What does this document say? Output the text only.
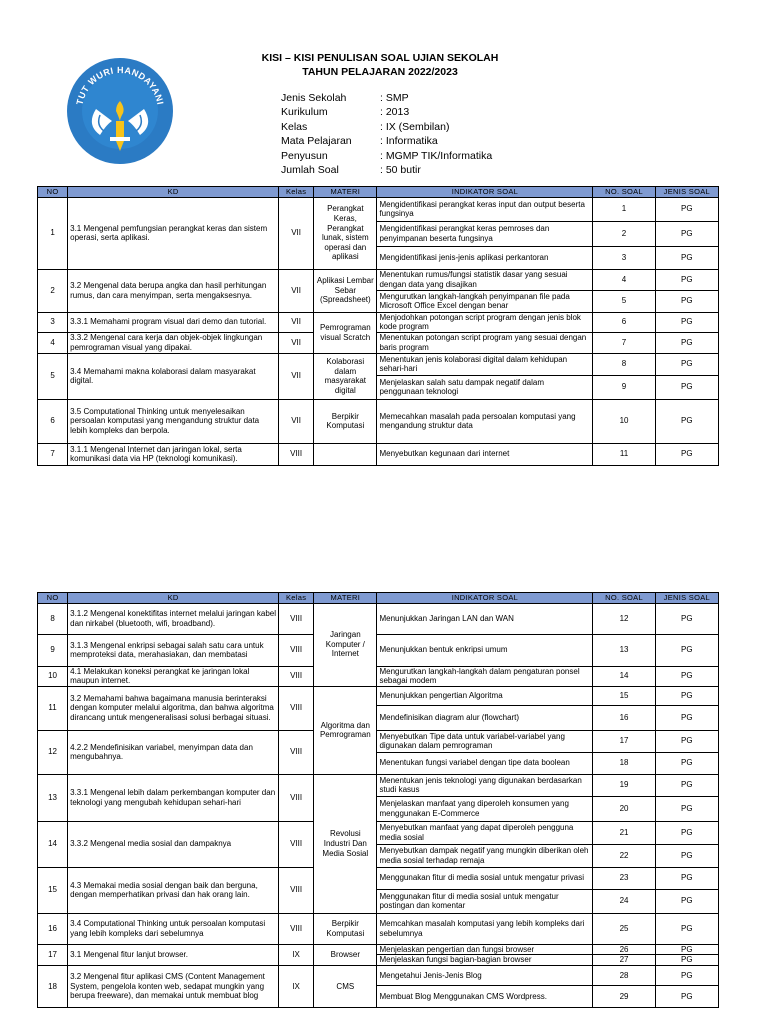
TUT WURI HANDAYANI
KISI – KISI PENULISAN SOAL UJIAN SEKOLAH
TAHUN PELAJARAN 2022/2023
Jenis Sekolah	: SMP
Kurikulum	: 2013
Kelas	: IX (Sembilan)
Mata Pelajaran	: Informatika
Penyusun	: MGMP TIK/Informatika
Jumlah Soal	: 50 butir
NO	KD	Kelas	MATERI	INDIKATOR SOAL	NO. SOAL	JENIS SOAL
1	3.1 Mengenal pemfungsian perangkat keras dan sistem operasi, serta aplikasi.	VII	Perangkat Keras, Perangkat lunak, sistem operasi dan aplikasi	Mengidentifikasi perangkat keras input dan output beserta fungsinya	1	PG
				Mengidentifikasi perangkat keras pemroses dan penyimpanan beserta fungsinya	2	PG
				Mengidentifikasi jenis-jenis aplikasi perkantoran	3	PG
2	3.2 Mengenal data berupa angka dan hasil perhitungan rumus, dan cara menyimpan, serta mengaksesnya.	VII	Aplikasi Lembar Sebar (Spreadsheet)	Menentukan rumus/fungsi statistik dasar yang sesuai dengan data yang disajikan	4	PG
				Mengurutkan langkah-langkah penyimpanan file pada Microsoft Office Excel dengan benar	5	PG
3	3.3.1 Memahami program visual dari demo dan tutorial.	VII	Pemrograman visual Scratch	Menjodohkan potongan script program dengan jenis blok kode program	6	PG
4	3.3.2 Mengenal cara kerja dan objek-objek lingkungan pemrograman visual yang dipakai.	VII		Menentukan potongan script program yang sesuai dengan baris program	7	PG
5	3.4 Memahami makna kolaborasi dalam masyarakat digital.	VII	Kolaborasi dalam masyarakat digital	Menentukan jenis kolaborasi digital dalam kehidupan sehari-hari	8	PG
				Menjelaskan salah satu dampak negatif dalam penggunaan teknologi	9	PG
6	3.5 Computational Thinking untuk menyelesaikan persoalan komputasi yang mengandung struktur data lebih kompleks dan berpola.	VII	Berpikir Komputasi	Memecahkan masalah pada persoalan komputasi yang mengandung struktur data	10	PG
7	3.1.1 Mengenal Internet dan jaringan lokal, serta komunikasi data via HP (teknologi komunikasi).	VIII		Menyebutkan kegunaan dari internet	11	PG
NO	KD	Kelas	MATERI	INDIKATOR SOAL	NO. SOAL	JENIS SOAL
8	3.1.2 Mengenal konektifitas internet melalui jaringan kabel dan nirkabel (bluetooth, wifi, broadband).	VIII	Jaringan Komputer / Internet	Menunjukkan Jaringan LAN dan WAN	12	PG
9	3.1.3 Mengenal enkripsi sebagai salah satu cara untuk memproteksi data, merahasiakan, dan membatasi	VIII		Menunjukkan bentuk enkripsi umum	13	PG
10	4.1 Melakukan koneksi perangkat ke jaringan lokal maupun internet.	VIII		Mengurutkan langkah-langkah dalam pengaturan ponsel sebagai modem	14	PG
11	3.2 Memahami bahwa bagaimana manusia berinteraksi dengan komputer melalui algoritma, dan bahwa algoritma dirancang untuk mengeneralisasi solusi berbagai situasi.	VIII	Algoritma dan Pemrograman	Menunjukkan pengertian Algoritma	15	PG
				Mendefinisikan diagram alur (flowchart)	16	PG
12	4.2.2 Mendefinisikan variabel, menyimpan data dan mengubahnya.	VIII		Menyebutkan Tipe data untuk variabel-variabel yang digunakan dalam pemrograman	17	PG
				Menentukan fungsi variabel dengan tipe data boolean	18	PG
13	3.3.1 Mengenal lebih dalam perkembangan komputer dan teknologi yang mengubah kehidupan sehari-hari	VIII	Revolusi Industri Dan Media Sosial	Menentukan jenis teknologi yang digunakan berdasarkan studi kasus	19	PG
				Menjelaskan manfaat yang diperoleh konsumen yang menggunakan E-Commerce	20	PG
14	3.3.2 Mengenal media sosial dan dampaknya	VIII		Menyebutkan manfaat yang dapat diperoleh pengguna media sosial	21	PG
				Menyebutkan dampak negatif yang mungkin diberikan oleh media sosial terhadap remaja	22	PG
15	4.3 Memakai media sosial dengan baik dan berguna, dengan memperhatikan privasi dan hak orang lain.	VIII		Menggunakan fitur di media sosial untuk mengatur privasi	23	PG
				Menggunakan fitur di media sosial untuk mengatur postingan dan komentar	24	PG
16	3.4 Computational Thinking untuk persoalan komputasi yang lebih kompleks dari sebelumnya	VIII	Berpikir Komputasi	Memcahkan masalah komputasi yang lebih kompleks dari sebelumnya	25	PG
17	3.1 Mengenal fitur lanjut browser.	IX	Browser	Menjelaskan pengertian dan fungsi browser	26	PG
				Menjelaskan fungsi bagian-bagian browser	27	PG
18	3.2 Mengenal fitur aplikasi CMS (Content Management System, pengelola konten web, sedapat mungkin yang berupa freeware), dan memakai untuk membuat blog	IX	CMS	Mengetahui Jenis-Jenis Blog	28	PG
				Membuat Blog Menggunakan CMS Wordpress.	29	PG
